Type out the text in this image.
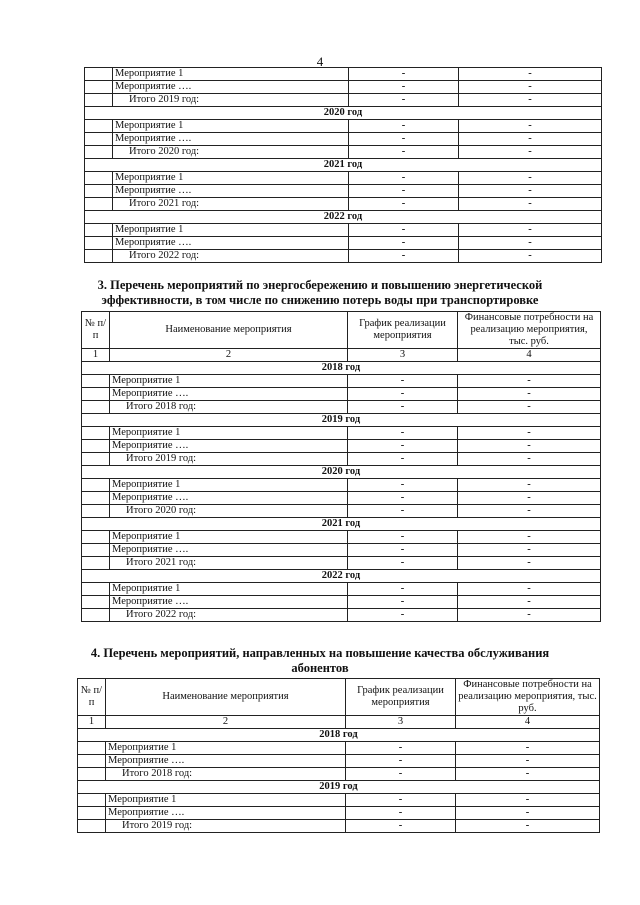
4
	Мероприятие 1	-	-
	Мероприятие ….	-	-
	Итого 2019 год:	-	-
2020 год			
	Мероприятие 1	-	-
	Мероприятие ….	-	-
	Итого 2020 год:	-	-
2021 год			
	Мероприятие 1	-	-
	Мероприятие ….	-	-
	Итого 2021 год:	-	-
2022 год			
	Мероприятие 1	-	-
	Мероприятие ….	-	-
	Итого 2022 год:	-	-
3. Перечень мероприятий по энергосбережению и повышению энергетической
эффективности, в том числе по снижению потерь воды при транспортировке
№ п/п	Наименование мероприятия	График реализации мероприятия	Финансовые потребности на реализацию мероприятия, тыс. руб.
1	2	3	4
2018 год			
	Мероприятие 1	-	-
	Мероприятие ….	-	-
	Итого 2018 год:	-	-
2019 год			
	Мероприятие 1	-	-
	Мероприятие ….	-	-
	Итого 2019 год:	-	-
2020 год			
	Мероприятие 1	-	-
	Мероприятие ….	-	-
	Итого 2020 год:	-	-
2021 год			
	Мероприятие 1	-	-
	Мероприятие ….	-	-
	Итого 2021 год:	-	-
2022 год			
	Мероприятие 1	-	-
	Мероприятие ….	-	-
	Итого 2022 год:	-	-
4. Перечень мероприятий, направленных на повышение качества обслуживания
абонентов
№ п/п	Наименование мероприятия	График реализации мероприятия	Финансовые потребности на реализацию мероприятия, тыс. руб.
1	2	3	4
2018 год			
	Мероприятие 1	-	-
	Мероприятие ….	-	-
	Итого 2018 год:	-	-
2019 год			
	Мероприятие 1	-	-
	Мероприятие ….	-	-
	Итого 2019 год:	-	-
